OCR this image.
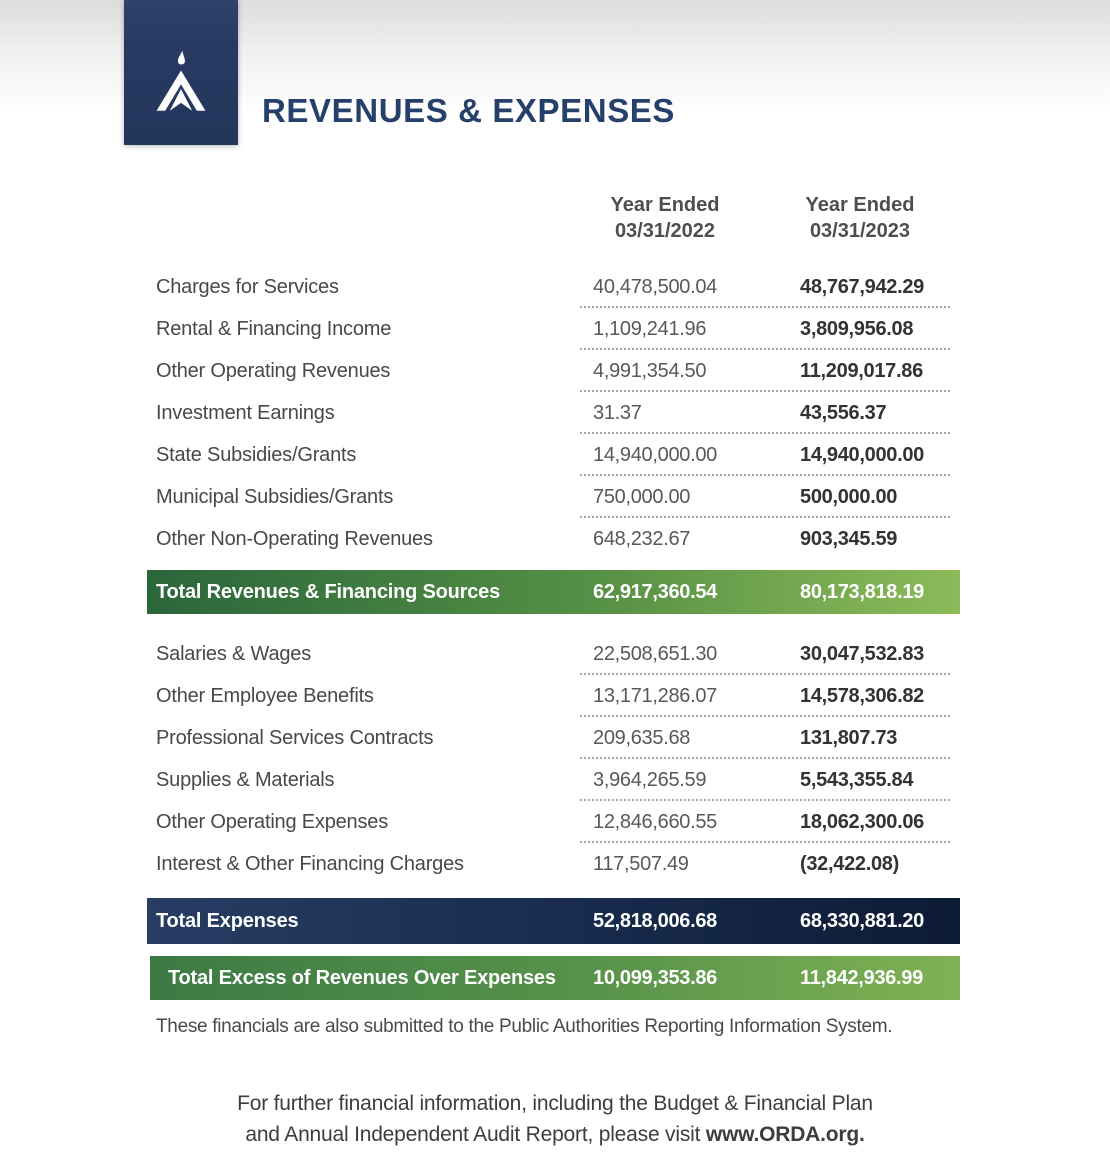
REVENUES & EXPENSES
Year Ended
03/31/2022
Year Ended
03/31/2023
Charges for Services	40,478,500.04	48,767,942.29
Rental & Financing Income	1,109,241.96	3,809,956.08
Other Operating Revenues	4,991,354.50	11,209,017.86
Investment Earnings	31.37	43,556.37
State Subsidies/Grants	14,940,000.00	14,940,000.00
Municipal Subsidies/Grants	750,000.00	500,000.00
Other Non-Operating Revenues	648,232.67	903,345.59
Total Revenues & Financing Sources	62,917,360.54	80,173,818.19
Salaries & Wages	22,508,651.30	30,047,532.83
Other Employee Benefits	13,171,286.07	14,578,306.82
Professional Services Contracts	209,635.68	131,807.73
Supplies & Materials	3,964,265.59	5,543,355.84
Other Operating Expenses	12,846,660.55	18,062,300.06
Interest & Other Financing Charges	117,507.49	(32,422.08)
Total Expenses	52,818,006.68	68,330,881.20
Total Excess of Revenues Over Expenses	10,099,353.86	11,842,936.99
These financials are also submitted to the Public Authorities Reporting Information System.
For further financial information, including the Budget & Financial Plan
and Annual Independent Audit Report, please visit www.ORDA.org.
